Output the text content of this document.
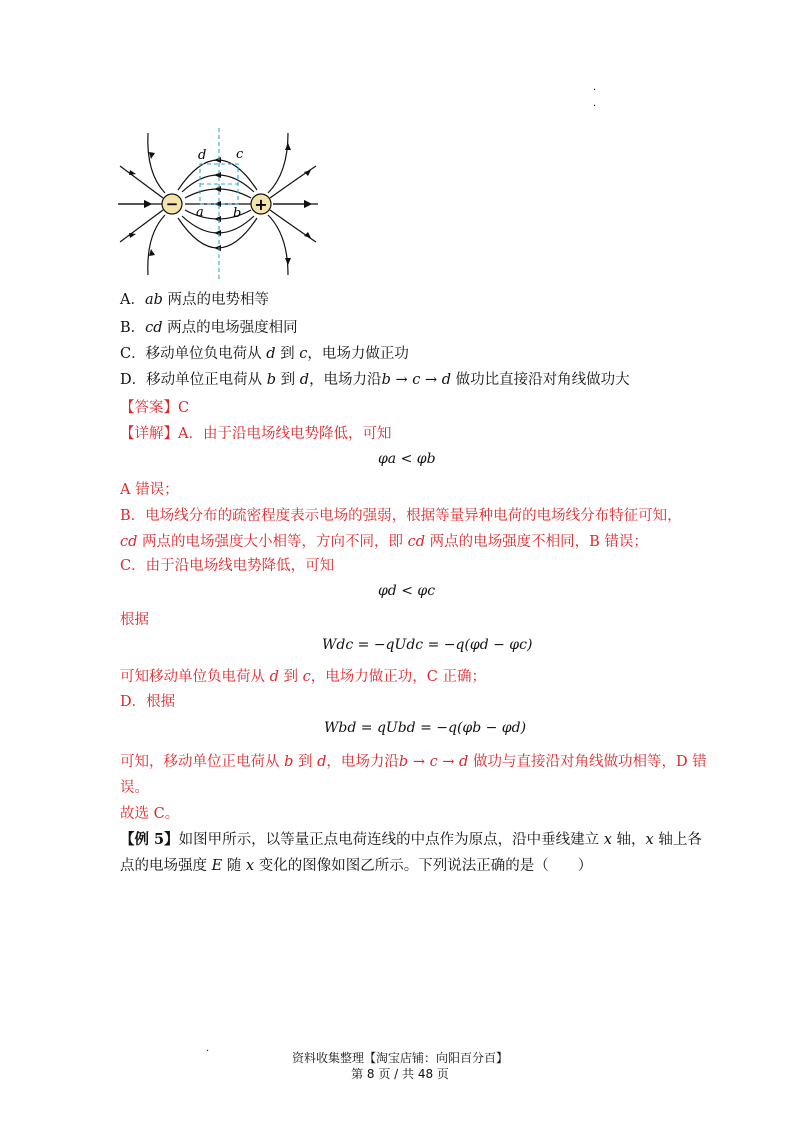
·
·
·
−	+
d c
a b
A．ab 两点的电势相等
B．cd 两点的电场强度相同
C．移动单位负电荷从 d 到 c，电场力做正功
D．移动单位正电荷从 b 到 d，电场力沿b → c → d 做功比直接沿对角线做功大
【答案】C
【详解】A．由于沿电场线电势降低，可知
φa < φb
A 错误；
B．电场线分布的疏密程度表示电场的强弱，根据等量异种电荷的电场线分布特征可知，
cd 两点的电场强度大小相等，方向不同，即 cd 两点的电场强度不相同，B 错误；
C．由于沿电场线电势降低，可知
φd < φc
根据
Wdc = −qUdc = −q(φd − φc)
可知移动单位负电荷从 d 到 c，电场力做正功，C 正确；
D．根据
Wbd = qUbd = −q(φb − φd)
可知，移动单位正电荷从 b 到 d，电场力沿b → c → d 做功与直接沿对角线做功相等，D 错
误。
故选 C。
【例 5】如图甲所示，以等量正点电荷连线的中点作为原点，沿中垂线建立 x 轴，x 轴上各
点的电场强度 E 随 x 变化的图像如图乙所示。下列说法正确的是（　　）
资料收集整理【淘宝店铺：向阳百分百】
第 8 页 / 共 48 页
